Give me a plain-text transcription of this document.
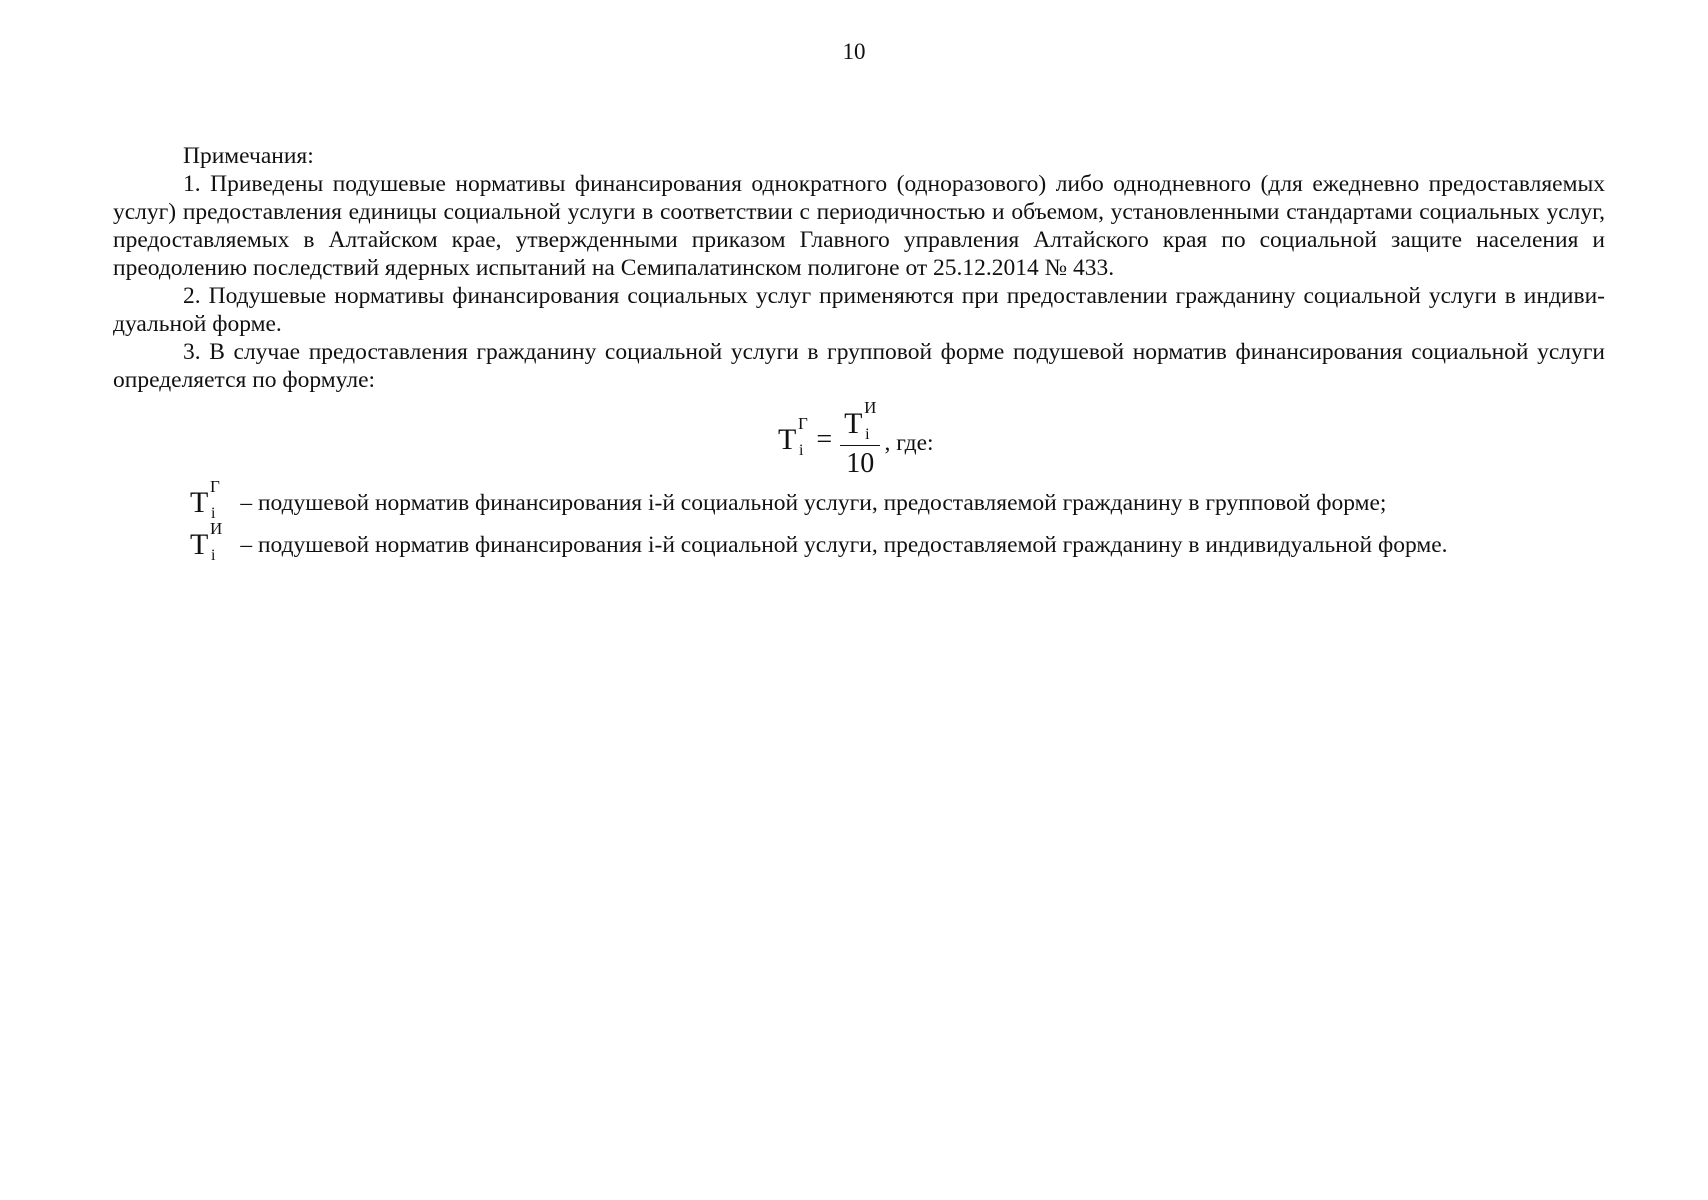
10

Примечания:

1. Приведены подушевые нормативы финансирования однократного (одноразового) либо однодневного (для ежедневно предоставляемых услуг) предоставления единицы социальной услуги в соответствии с периодичностью и объемом, установленными стандартами социальных услуг, предоставляемых в Алтайском крае, утвержденными приказом Главного управления Алтайского края по социальной защите населения и преодолению последствий ядерных испытаний на Семипалатинском полигоне от 25.12.2014 № 433.

2. Подушевые нормативы финансирования социальных услуг применяются при предоставлении гражданину социальной услуги в индиви-дуальной форме.

3. В случае предоставления гражданину социальной услуги в групповой форме подушевой норматив финансирования социальной услуги определяется по формуле:

T Г
i = T И
i
10 , где:
T Г
i – подушевой норматив финансирования i-й социальной услуги, предоставляемой гражданину в групповой форме;
T И
i – подушевой норматив финансирования i-й социальной услуги, предоставляемой гражданину в индивидуальной форме.
